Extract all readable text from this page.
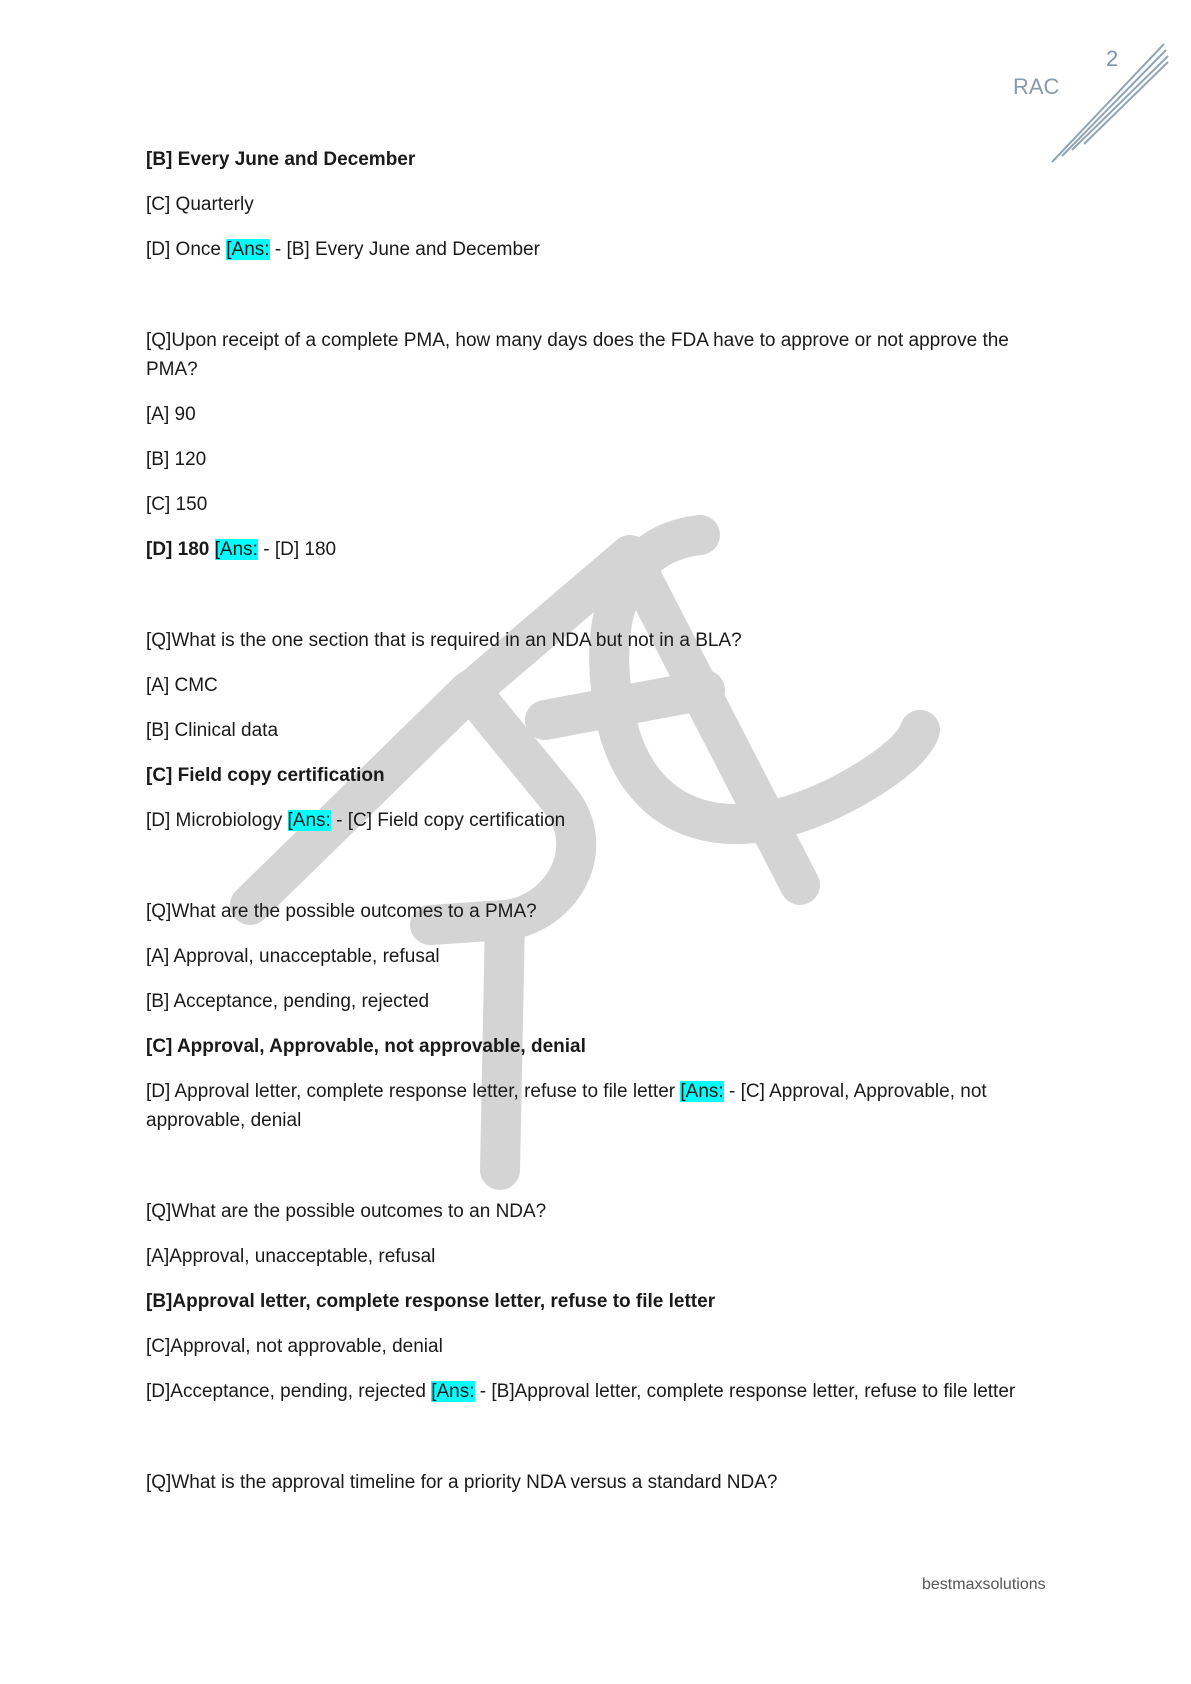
2
RAC
[B] Every June and December
[C] Quarterly
[D] Once [Ans: - [B] Every June and December
[Q]Upon receipt of a complete PMA, how many days does the FDA have to approve or not approve the PMA?
[A] 90
[B] 120
[C] 150
[D] 180 [Ans: - [D] 180
[Q]What is the one section that is required in an NDA but not in a BLA?
[A] CMC
[B] Clinical data
[C] Field copy certification
[D] Microbiology [Ans: - [C] Field copy certification
[Q]What are the possible outcomes to a PMA?
[A] Approval, unacceptable, refusal
[B] Acceptance, pending, rejected
[C] Approval, Approvable, not approvable, denial
[D] Approval letter, complete response letter, refuse to file letter [Ans: - [C] Approval, Approvable, not approvable, denial
[Q]What are the possible outcomes to an NDA?
[A]Approval, unacceptable, refusal
[B]Approval letter, complete response letter, refuse to file letter
[C]Approval, not approvable, denial
[D]Acceptance, pending, rejected [Ans: - [B]Approval letter, complete response letter, refuse to file letter
[Q]What is the approval timeline for a priority NDA versus a standard NDA?
bestmaxsolutions
